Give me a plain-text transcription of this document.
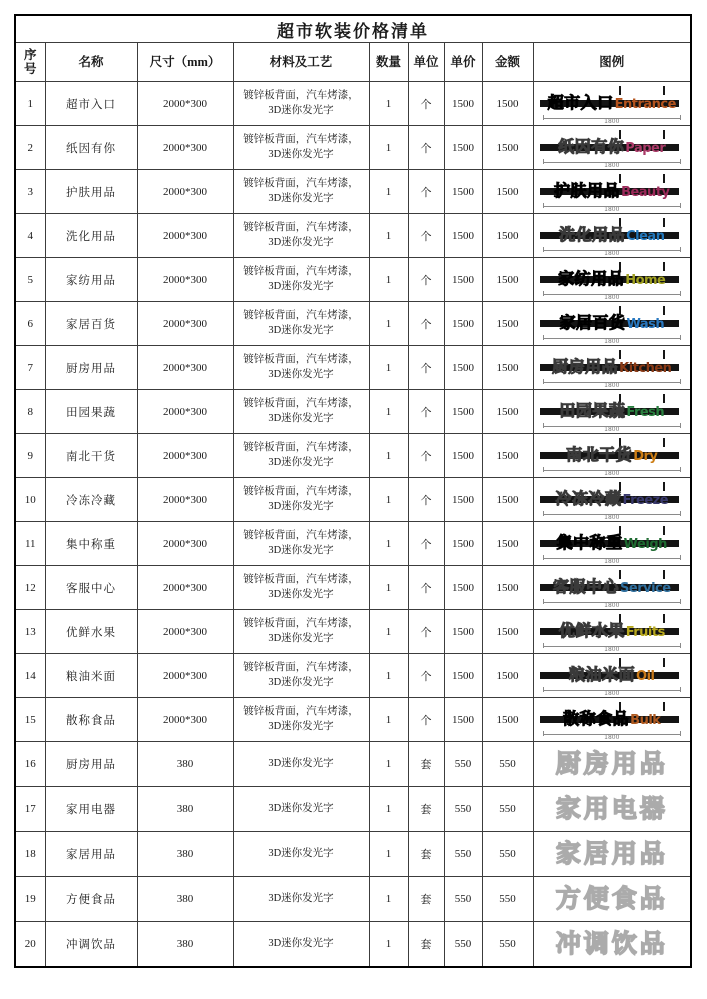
超市软装价格清单								
序号	名称	尺寸（mm）	材料及工艺	数量	单位	单价	金额	图例
1	超市入口	2000*300	镀锌板背面，汽车烤漆，3D迷你发光字	1	个	1500	1500	超市入口Entrance
1800

2	纸因有你	2000*300	镀锌板背面，汽车烤漆，3D迷你发光字	1	个	1500	1500	纸因有你Paper
1800

3	护肤用品	2000*300	镀锌板背面，汽车烤漆，3D迷你发光字	1	个	1500	1500	护肤用品Beauty
1800

4	洗化用品	2000*300	镀锌板背面，汽车烤漆，3D迷你发光字	1	个	1500	1500	洗化用品Clean
1800

5	家纺用品	2000*300	镀锌板背面，汽车烤漆，3D迷你发光字	1	个	1500	1500	家纺用品Home
1800

6	家居百货	2000*300	镀锌板背面，汽车烤漆，3D迷你发光字	1	个	1500	1500	家居百货Wash
1800

7	厨房用品	2000*300	镀锌板背面，汽车烤漆，3D迷你发光字	1	个	1500	1500	厨房用品Kitchen
1800

8	田园果蔬	2000*300	镀锌板背面，汽车烤漆，3D迷你发光字	1	个	1500	1500	田园果蔬Fresh
1800

9	南北干货	2000*300	镀锌板背面，汽车烤漆，3D迷你发光字	1	个	1500	1500	南北干货Dry
1800

10	冷冻冷藏	2000*300	镀锌板背面，汽车烤漆，3D迷你发光字	1	个	1500	1500	冷冻冷藏Freeze
1800

11	集中称重	2000*300	镀锌板背面，汽车烤漆，3D迷你发光字	1	个	1500	1500	集中称重Weigh
1800

12	客服中心	2000*300	镀锌板背面，汽车烤漆，3D迷你发光字	1	个	1500	1500	客服中心Service
1800

13	优鲜水果	2000*300	镀锌板背面，汽车烤漆，3D迷你发光字	1	个	1500	1500	优鲜水果Fruits
1800

14	粮油米面	2000*300	镀锌板背面，汽车烤漆，3D迷你发光字	1	个	1500	1500	粮油米面Oil
1800

15	散称食品	2000*300	镀锌板背面，汽车烤漆，3D迷你发光字	1	个	1500	1500	散称食品Bulk
1800

16	厨房用品	380	3D迷你发光字	1	套	550	550	厨房用品

17	家用电器	380	3D迷你发光字	1	套	550	550	家用电器

18	家居用品	380	3D迷你发光字	1	套	550	550	家居用品

19	方便食品	380	3D迷你发光字	1	套	550	550	方便食品

20	冲调饮品	380	3D迷你发光字	1	套	550	550	冲调饮品
